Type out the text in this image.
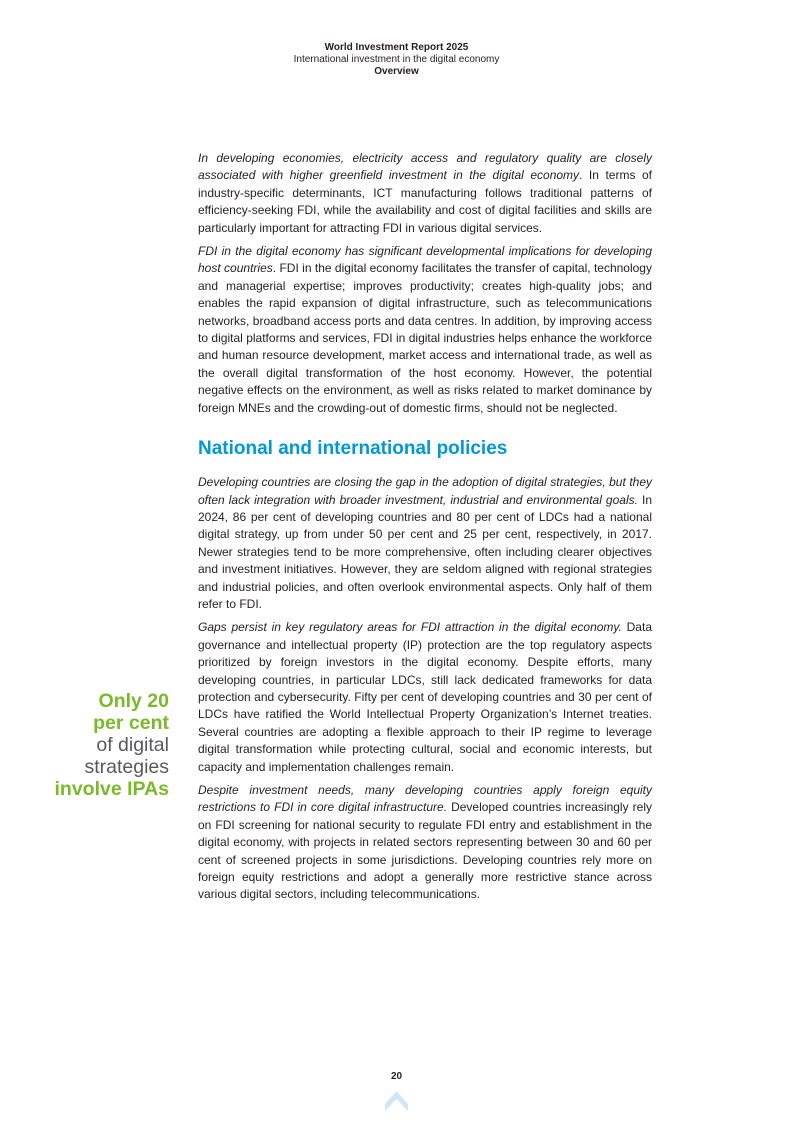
World Investment Report 2025
International investment in the digital economy
Overview

In developing economies, electricity access and regulatory quality are closely associated with higher greenfield investment in the digital economy. In terms of industry-specific determinants, ICT manufacturing follows traditional patterns of efficiency-seeking FDI, while the availability and cost of digital facilities and skills are particularly important for attracting FDI in various digital services.

FDI in the digital economy has significant developmental implications for developing host countries. FDI in the digital economy facilitates the transfer of capital, technology and managerial expertise; improves productivity; creates high-quality jobs; and enables the rapid expansion of digital infrastructure, such as telecommunications networks, broadband access ports and data centres. In addition, by improving access to digital platforms and services, FDI in digital industries helps enhance the workforce and human resource development, market access and international trade, as well as the overall digital transformation of the host economy. However, the potential negative effects on the environment, as well as risks related to market dominance by foreign MNEs and the crowding-out of domestic firms, should not be neglected.

National and international policies

Developing countries are closing the gap in the adoption of digital strategies, but they often lack integration with broader investment, industrial and environmental goals. In 2024, 86 per cent of developing countries and 80 per cent of LDCs had a national digital strategy, up from under 50 per cent and 25 per cent, respectively, in 2017. Newer strategies tend to be more comprehensive, often including clearer objectives and investment initiatives. However, they are seldom aligned with regional strategies and industrial policies, and often overlook environmental aspects. Only half of them refer to FDI.

Gaps persist in key regulatory areas for FDI attraction in the digital economy. Data governance and intellectual property (IP) protection are the top regulatory aspects prioritized by foreign investors in the digital economy. Despite efforts, many developing countries, in particular LDCs, still lack dedicated frameworks for data protection and cybersecurity. Fifty per cent of developing countries and 30 per cent of LDCs have ratified the World Intellectual Property Organization’s Internet treaties. Several countries are adopting a flexible approach to their IP regime to leverage digital transformation while protecting cultural, social and economic interests, but capacity and implementation challenges remain.

Despite investment needs, many developing countries apply foreign equity restrictions to FDI in core digital infrastructure. Developed countries increasingly rely on FDI screening for national security to regulate FDI entry and establishment in the digital economy, with projects in related sectors representing between 30 and 60 per cent of screened projects in some jurisdictions. Developing countries rely more on foreign equity restrictions and adopt a generally more restrictive stance across various digital sectors, including telecommunications.

Only 20
per cent
of digital
strategies
involve IPAs
20
